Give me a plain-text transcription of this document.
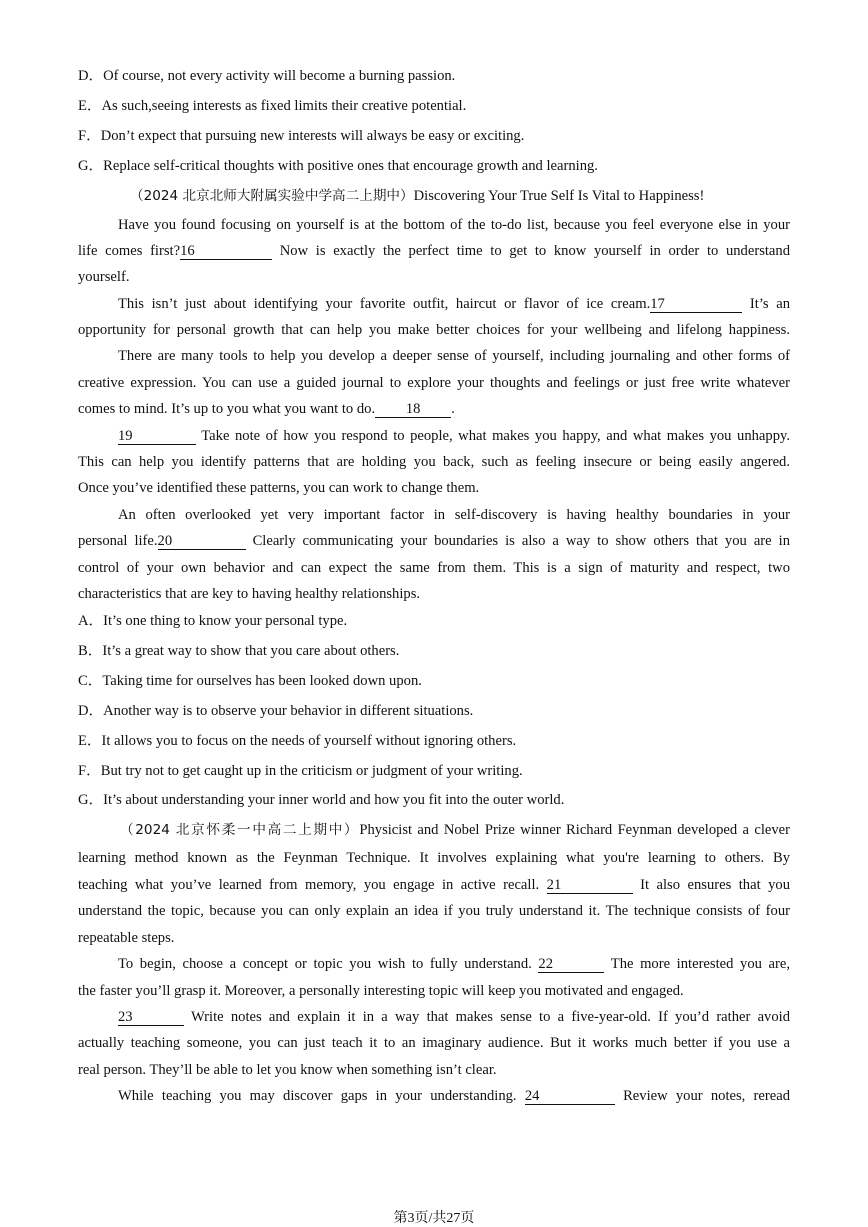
D．Of course, not every activity will become a burning passion.
E．As such,seeing interests as fixed limits their creative potential.
F．Don’t expect that pursuing new interests will always be easy or exciting.
G．Replace self-critical thoughts with positive ones that encourage growth and learning.
（2024 北京北师大附属实验中学高二上期中）Discovering Your True Self Is Vital to Happiness!
Have you found focusing on yourself is at the bottom of the to-do list, because you feel everyone else in your
life comes first?16	Now is exactly the perfect time to get to know yourself in order to understand
yourself.
This isn’t just about identifying your favorite outfit, haircut or flavor of ice cream.17	It’s an
opportunity for personal growth that can help you make better choices for your wellbeing and lifelong happiness.
There are many tools to help you develop a deeper sense of yourself, including journaling and other forms of
creative expression. You can use a guided journal to explore your thoughts and feelings or just free write whatever
comes to mind. It’s up to you what you want to do. 18 .
19	Take note of how you respond to people, what makes you happy, and what makes you unhappy.
This can help you identify patterns that are holding you back, such as feeling insecure or being easily angered.
Once you’ve identified these patterns, you can work to change them.
An often overlooked yet very important factor in self-discovery is having healthy boundaries in your
personal life.20	Clearly communicating your boundaries is also a way to show others that you are in
control of your own behavior and can expect the same from them. This is a sign of maturity and respect, two
characteristics that are key to having healthy relationships.
A．It’s one thing to know your personal type.
B．It’s a great way to show that you care about others.
C．Taking time for ourselves has been looked down upon.
D．Another way is to observe your behavior in different situations.
E．It allows you to focus on the needs of yourself without ignoring others.
F．But try not to get caught up in the criticism or judgment of your writing.
G．It’s about understanding your inner world and how you fit into the outer world.
（2024 北京怀柔一中高二上期中）Physicist and Nobel Prize winner Richard Feynman developed a clever
learning method known as the Feynman Technique. It involves explaining what you're learning to others. By
teaching what you’ve learned from memory, you engage in active recall. 21	It also ensures that you
understand the topic, because you can only explain an idea if you truly understand it. The technique consists of four
repeatable steps.
To begin, choose a concept or topic you wish to fully understand. 22	The more interested you are,
the faster you’ll grasp it. Moreover, a personally interesting topic will keep you motivated and engaged.
23	Write notes and explain it in a way that makes sense to a five-year-old. If you’d rather avoid
actually teaching someone, you can just teach it to an imaginary audience. But it works much better if you use a
real person. They’ll be able to let you know when something isn’t clear.
While teaching you may discover gaps in your understanding. 24	Review your notes, reread
第3页/共27页
